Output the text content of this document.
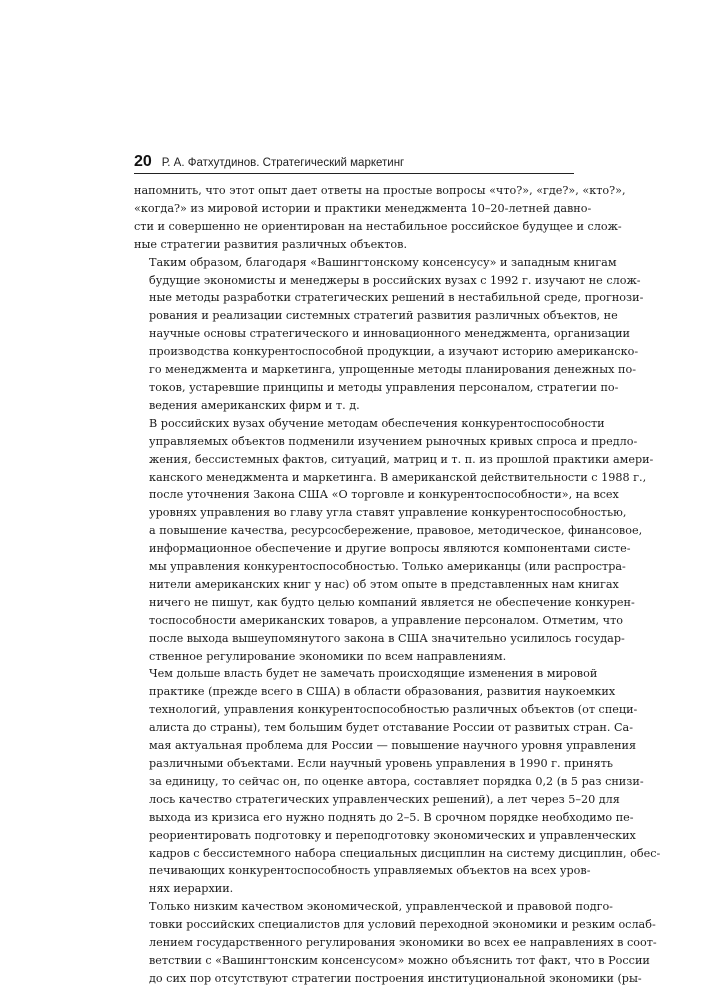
20 Р. А. Фатхутдинов. Стратегический маркетинг

напомнить, что этот опыт дает ответы на простые вопросы «что?», «где?», «кто?»,
«когда?» из мировой истории и практики менеджмента 10–20-летней давно-
сти и совершенно не ориентирован на нестабильное российское будущее и слож-
ные стратегии развития различных объектов.

Таким образом, благодаря «Вашингтонскому консенсусу» и западным книгам
будущие экономисты и менеджеры в российских вузах с 1992 г. изучают не слож-
ные методы разработки стратегических решений в нестабильной среде, прогнози-
рования и реализации системных стратегий развития различных объектов, не
научные основы стратегического и инновационного менеджмента, организации
производства конкурентоспособной продукции, а изучают историю американско-
го менеджмента и маркетинга, упрощенные методы планирования денежных по-
токов, устаревшие принципы и методы управления персоналом, стратегии по-
ведения американских фирм и т. д.

В российских вузах обучение методам обеспечения конкурентоспособности
управляемых объектов подменили изучением рыночных кривых спроса и предло-
жения, бессистемных фактов, ситуаций, матриц и т. п. из прошлой практики амери-
канского менеджмента и маркетинга. В американской действительности с 1988 г.,
после уточнения Закона США «О торговле и конкурентоспособности», на всех
уровнях управления во главу угла ставят управление конкурентоспособностью,
а повышение качества, ресурсосбережение, правовое, методическое, финансовое,
информационное обеспечение и другие вопросы являются компонентами систе-
мы управления конкурентоспособностью. Только американцы (или распростра-
нители американских книг у нас) об этом опыте в представленных нам книгах
ничего не пишут, как будто целью компаний является не обеспечение конкурен-
тоспособности американских товаров, а управление персоналом. Отметим, что
после выхода вышеупомянутого закона в США значительно усилилось государ-
ственное регулирование экономики по всем направлениям.

Чем дольше власть будет не замечать происходящие изменения в мировой
практике (прежде всего в США) в области образования, развития наукоемких
технологий, управления конкурентоспособностью различных объектов (от специ-
алиста до страны), тем большим будет отставание России от развитых стран. Са-
мая актуальная проблема для России — повышение научного уровня управления
различными объектами. Если научный уровень управления в 1990 г. принять
за единицу, то сейчас он, по оценке автора, составляет порядка 0,2 (в 5 раз снизи-
лось качество стратегических управленческих решений), а лет через 5–20 для
выхода из кризиса его нужно поднять до 2–5. В срочном порядке необходимо пе-
реориентировать подготовку и переподготовку экономических и управленческих
кадров с бессистемного набора специальных дисциплин на систему дисциплин, обес-
печивающих конкурентоспособность управляемых объектов на всех уров-
нях иерархии.

Только низким качеством экономической, управленческой и правовой подго-
товки российских специалистов для условий переходной экономики и резким ослаб-
лением государственного регулирования экономики во всех ее направлениях в соот-
ветствии с «Вашингтонским консенсусом» можно объяснить тот факт, что в России
до сих пор отсутствуют стратегии построения институциональной экономики (ры-
